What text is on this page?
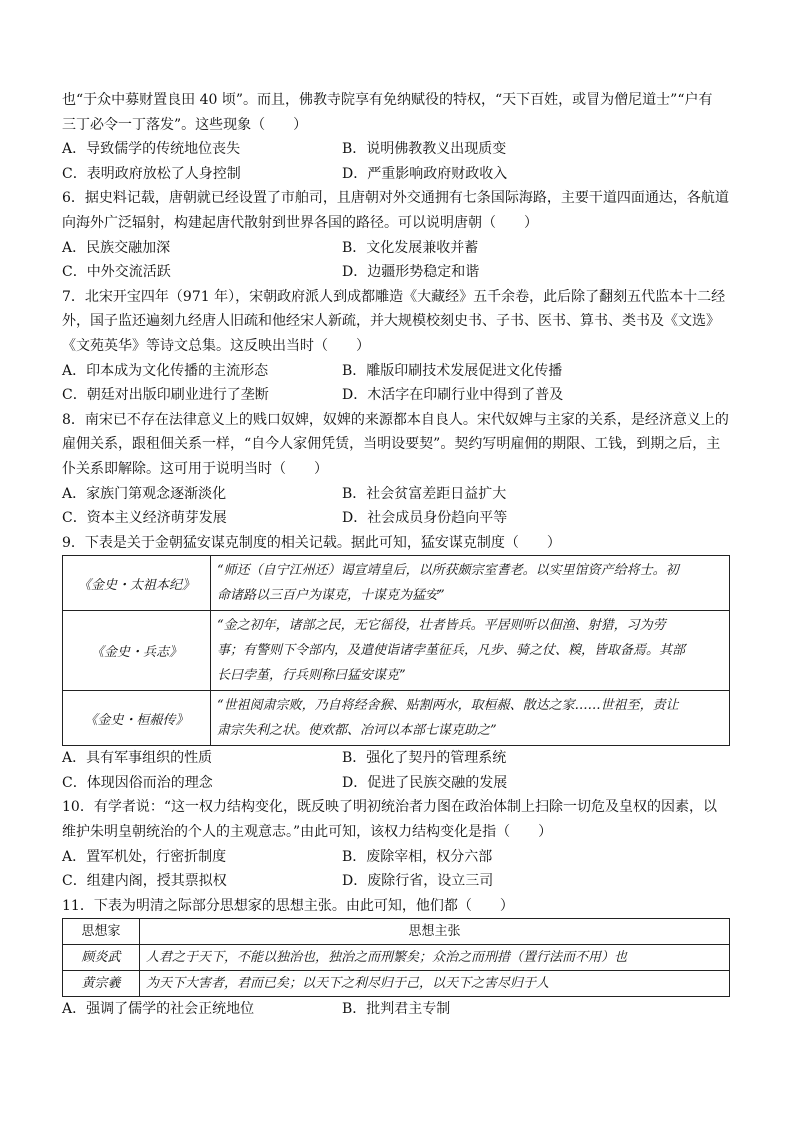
也“于众中募财置良田 40 顷”。而且，佛教寺院享有免纳赋役的特权，“天下百姓，或冒为僧尼道士”“户有

三丁必令一丁落发”。这些现象（　　）

A．导致儒学的传统地位丧失	B．说明佛教教义出现质变
C．表明政府放松了人身控制	D．严重影响政府财政收入

6．据史料记载，唐朝就已经设置了市舶司，且唐朝对外交通拥有七条国际海路，主要干道四面通达，各航道

向海外广泛辐射，构建起唐代散射到世界各国的路径。可以说明唐朝（　　）

A．民族交融加深	B．文化发展兼收并蓄
C．中外交流活跃	D．边疆形势稳定和谐

7．北宋开宝四年（971 年），宋朝政府派人到成都雕造《大藏经》五千余卷，此后除了翻刻五代监本十二经

外，国子监还遍刻九经唐人旧疏和他经宋人新疏，并大规模校刻史书、子书、医书、算书、类书及《文选》

《文苑英华》等诗文总集。这反映出当时（　　）

A．印本成为文化传播的主流形态	B．雕版印刷技术发展促进文化传播
C．朝廷对出版印刷业进行了垄断	D．木活字在印刷行业中得到了普及

8．南宋已不存在法律意义上的贱口奴婢，奴婢的来源都本自良人。宋代奴婢与主家的关系，是经济意义上的

雇佣关系，跟租佃关系一样，“自今人家佣凭赁，当明设要契”。契约写明雇佣的期限、工钱，到期之后，主

仆关系即解除。这可用于说明当时（　　）

A．家族门第观念逐渐淡化	B．社会贫富差距日益扩大
C．资本主义经济萌芽发展	D．社会成员身份趋向平等

9．下表是关于金朝猛安谋克制度的相关记载。据此可知，猛安谋克制度（　　）

《金史・太祖本纪》	“师还（自宁江州还）谒宣靖皇后，以所获颇宗室耆老。以实里馆资产给将士。初
命诸路以三百户为谋克，十谋克为猛安”

《金史・兵志》	“金之初年，诸部之民，无它徭役，壮者皆兵。平居则听以佃渔、射猎，习为劳
事；有警则下令部内，及遣使诣诸孛堇征兵，凡步、骑之仗、糗，皆取备焉。其部
长曰孛堇，行兵则称曰猛安谋克”

《金史・桓赧传》	“世祖阅肃宗败，乃自将经舍猴、贴割两水，取桓赧、散达之家……世祖至，责让
肃宗失利之状。使欢都、冶诃以本部七谋克助之”
A．具有军事组织的性质	B．强化了契丹的管理系统
C．体现因俗而治的理念	D．促进了民族交融的发展

10．有学者说：“这一权力结构变化，既反映了明初统治者力图在政治体制上扫除一切危及皇权的因素，以

维护朱明皇朝统治的个人的主观意志。”由此可知，该权力结构变化是指（　　）

A．置军机处，行密折制度	B．废除宰相，权分六部
C．组建内阁，授其票拟权	D．废除行省，设立三司

11．下表为明清之际部分思想家的思想主张。由此可知，他们都（　　）

思想家	思想主张
顾炎武	人君之于天下，不能以独治也，独治之而刑繁矣；众治之而刑措（置行法而不用）也
黄宗羲	为天下大害者，君而已矣；以天下之利尽归于己，以天下之害尽归于人
A．强调了儒学的社会正统地位	B．批判君主专制
